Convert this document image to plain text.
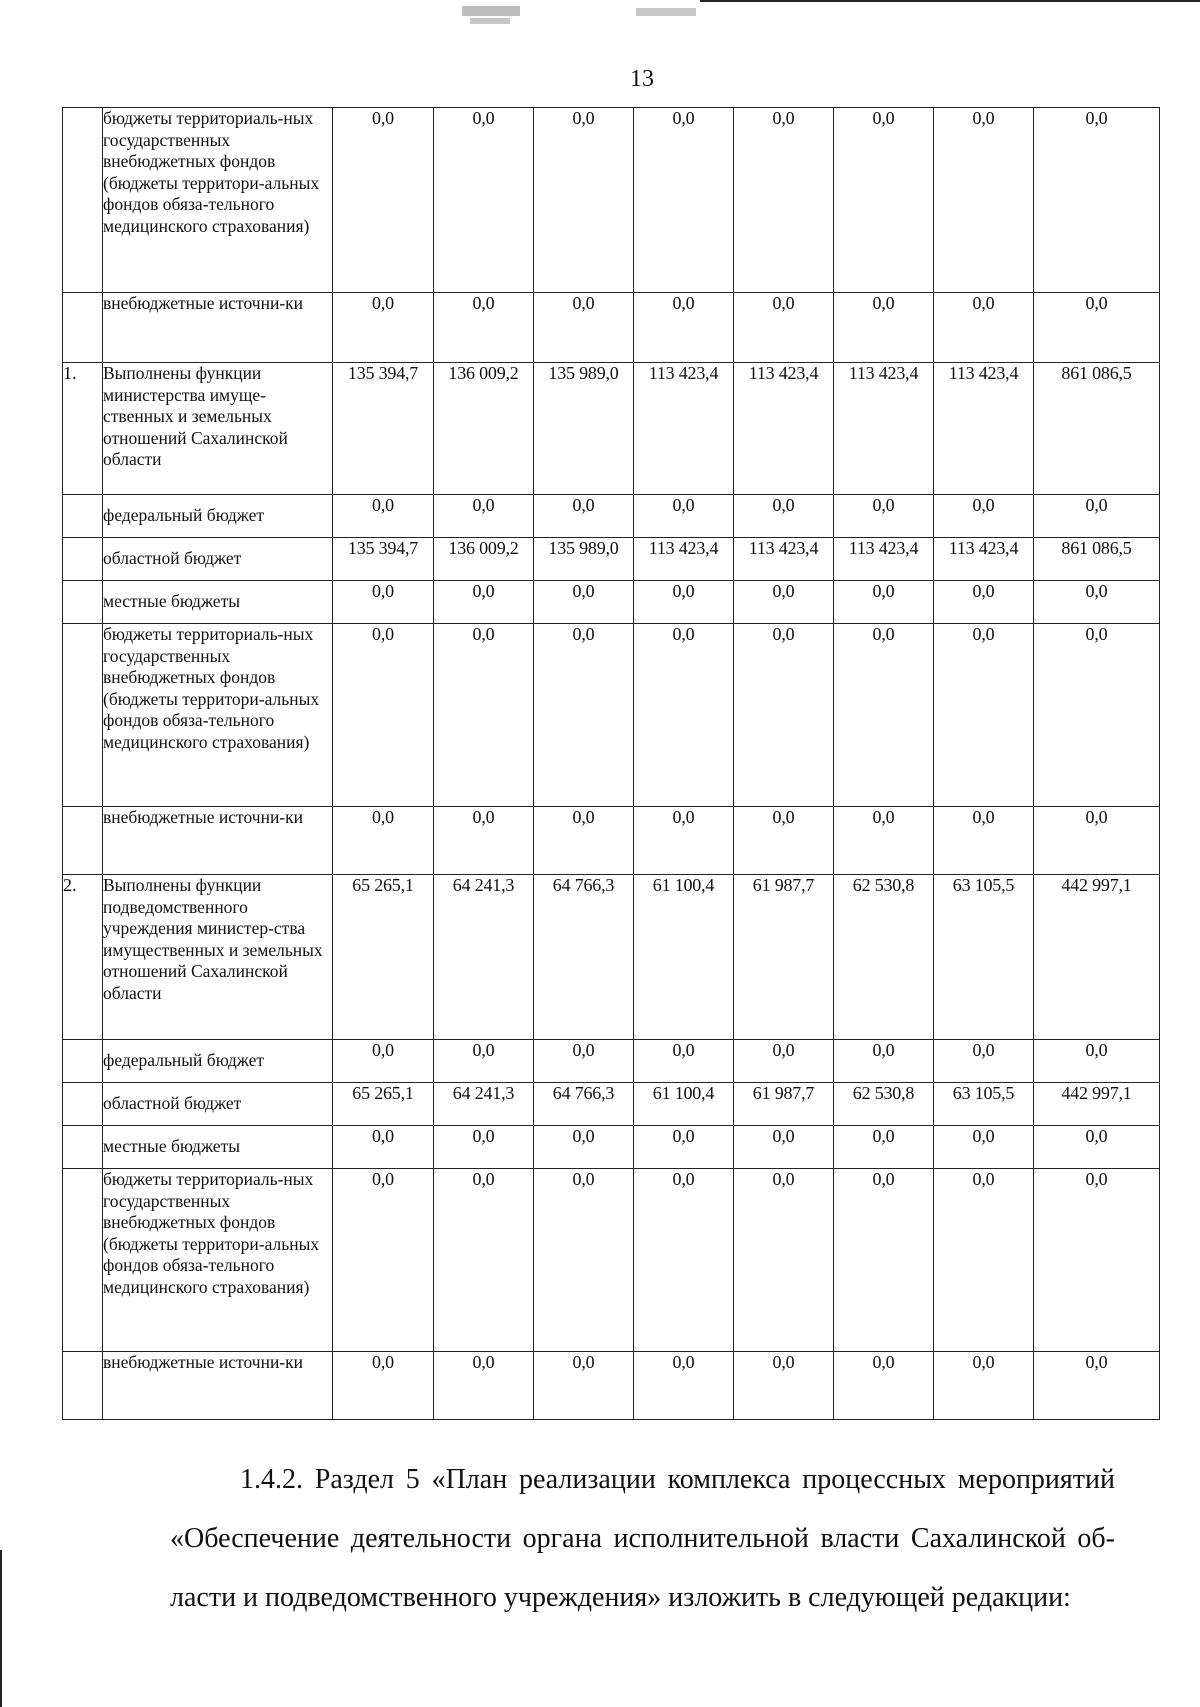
13
	бюджеты территориаль-ных государственных внебюджетных фондов (бюджеты территори-альных фондов обяза-тельного медицинского страхования)	0,0	0,0	0,0	0,0	0,0	0,0	0,0	0,0
	внебюджетные источни-ки	0,0	0,0	0,0	0,0	0,0	0,0	0,0	0,0
1.	Выполнены функции министерства имуще-ственных и земельных отношений Сахалинской области	135 394,7	136 009,2	135 989,0	113 423,4	113 423,4	113 423,4	113 423,4	861 086,5
	федеральный бюджет	0,0	0,0	0,0	0,0	0,0	0,0	0,0	0,0
	областной бюджет	135 394,7	136 009,2	135 989,0	113 423,4	113 423,4	113 423,4	113 423,4	861 086,5
	местные бюджеты	0,0	0,0	0,0	0,0	0,0	0,0	0,0	0,0
	бюджеты территориаль-ных государственных внебюджетных фондов (бюджеты территори-альных фондов обяза-тельного медицинского страхования)	0,0	0,0	0,0	0,0	0,0	0,0	0,0	0,0
	внебюджетные источни-ки	0,0	0,0	0,0	0,0	0,0	0,0	0,0	0,0
2.	Выполнены функции подведомственного учреждения министер-ства имущественных и земельных отношений Сахалинской области	65 265,1	64 241,3	64 766,3	61 100,4	61 987,7	62 530,8	63 105,5	442 997,1
	федеральный бюджет	0,0	0,0	0,0	0,0	0,0	0,0	0,0	0,0
	областной бюджет	65 265,1	64 241,3	64 766,3	61 100,4	61 987,7	62 530,8	63 105,5	442 997,1
	местные бюджеты	0,0	0,0	0,0	0,0	0,0	0,0	0,0	0,0
	бюджеты территориаль-ных государственных внебюджетных фондов (бюджеты территори-альных фондов обяза-тельного медицинского страхования)	0,0	0,0	0,0	0,0	0,0	0,0	0,0	0,0
	внебюджетные источни-ки	0,0	0,0	0,0	0,0	0,0	0,0	0,0	0,0
1.4.2. Раздел 5 «План реализации комплекса процессных мероприятий «Обеспечение деятельности органа исполнительной власти Сахалинской об-ласти и подведомственного учреждения» изложить в следующей редакции:
